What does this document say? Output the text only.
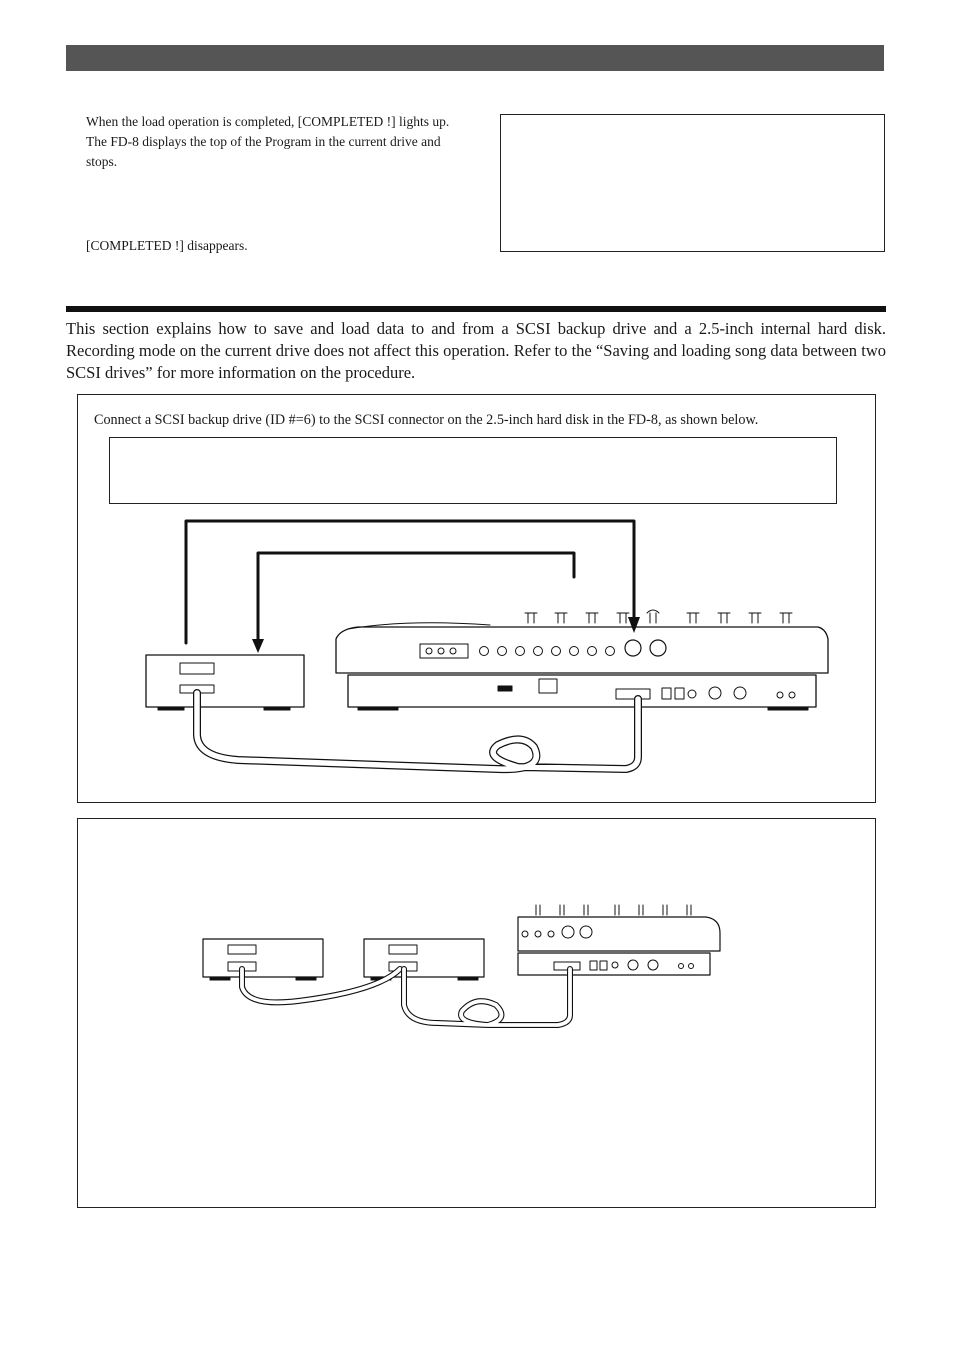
When the load operation is completed, [COMPLETED !] lights up. The FD-8 displays the top of the Program in the current drive and stops.

[COMPLETED !] disappears.

This section explains how to save and load data to and from a SCSI backup drive and a 2.5-inch internal hard disk. Recording mode on the current drive does not affect this operation. Refer to the “Saving and loading song data between two SCSI drives” for more information on the procedure.

Connect a SCSI backup drive (ID #=6) to the SCSI connector on the 2.5-inch hard disk in the FD-8, as shown below.
